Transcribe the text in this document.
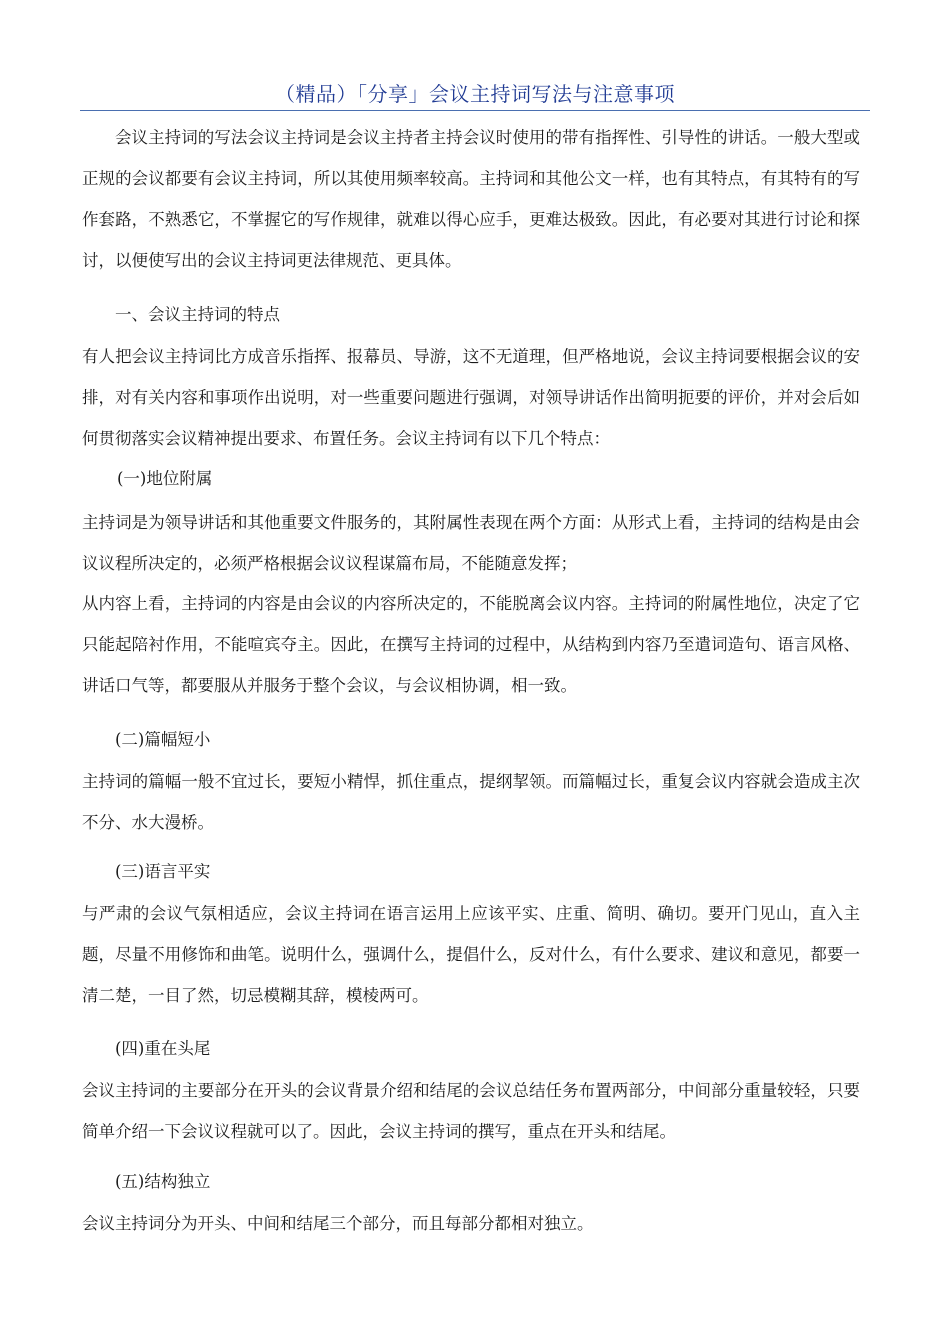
（精品）「分享」会议主持词写法与注意事项

会议主持词的写法会议主持词是会议主持者主持会议时使用的带有指挥性、引导性的讲话。一般大型或正规的会议都要有会议主持词，所以其使用频率较高。主持词和其他公文一样，也有其特点，有其特有的写作套路，不熟悉它，不掌握它的写作规律，就难以得心应手，更难达极致。因此，有必要对其进行讨论和探讨，以便使写出的会议主持词更法律规范、更具体。

一、会议主持词的特点

有人把会议主持词比方成音乐指挥、报幕员、导游，这不无道理，但严格地说，会议主持词要根据会议的安排，对有关内容和事项作出说明，对一些重要问题进行强调，对领导讲话作出简明扼要的评价，并对会后如何贯彻落实会议精神提出要求、布置任务。会议主持词有以下几个特点：

(一)地位附属

主持词是为领导讲话和其他重要文件服务的，其附属性表现在两个方面：从形式上看，主持词的结构是由会议议程所决定的，必须严格根据会议议程谋篇布局，不能随意发挥；

从内容上看，主持词的内容是由会议的内容所决定的，不能脱离会议内容。主持词的附属性地位，决定了它只能起陪衬作用，不能喧宾夺主。因此，在撰写主持词的过程中，从结构到内容乃至遣词造句、语言风格、讲话口气等，都要服从并服务于整个会议，与会议相协调，相一致。

(二)篇幅短小

主持词的篇幅一般不宜过长，要短小精悍，抓住重点，提纲挈领。而篇幅过长，重复会议内容就会造成主次不分、水大漫桥。

(三)语言平实

与严肃的会议气氛相适应，会议主持词在语言运用上应该平实、庄重、简明、确切。要开门见山，直入主题，尽量不用修饰和曲笔。说明什么，强调什么，提倡什么，反对什么，有什么要求、建议和意见，都要一清二楚，一目了然，切忌模糊其辞，模棱两可。

(四)重在头尾

会议主持词的主要部分在开头的会议背景介绍和结尾的会议总结任务布置两部分，中间部分重量较轻，只要简单介绍一下会议议程就可以了。因此，会议主持词的撰写，重点在开头和结尾。

(五)结构独立

会议主持词分为开头、中间和结尾三个部分，而且每部分都相对独立。
